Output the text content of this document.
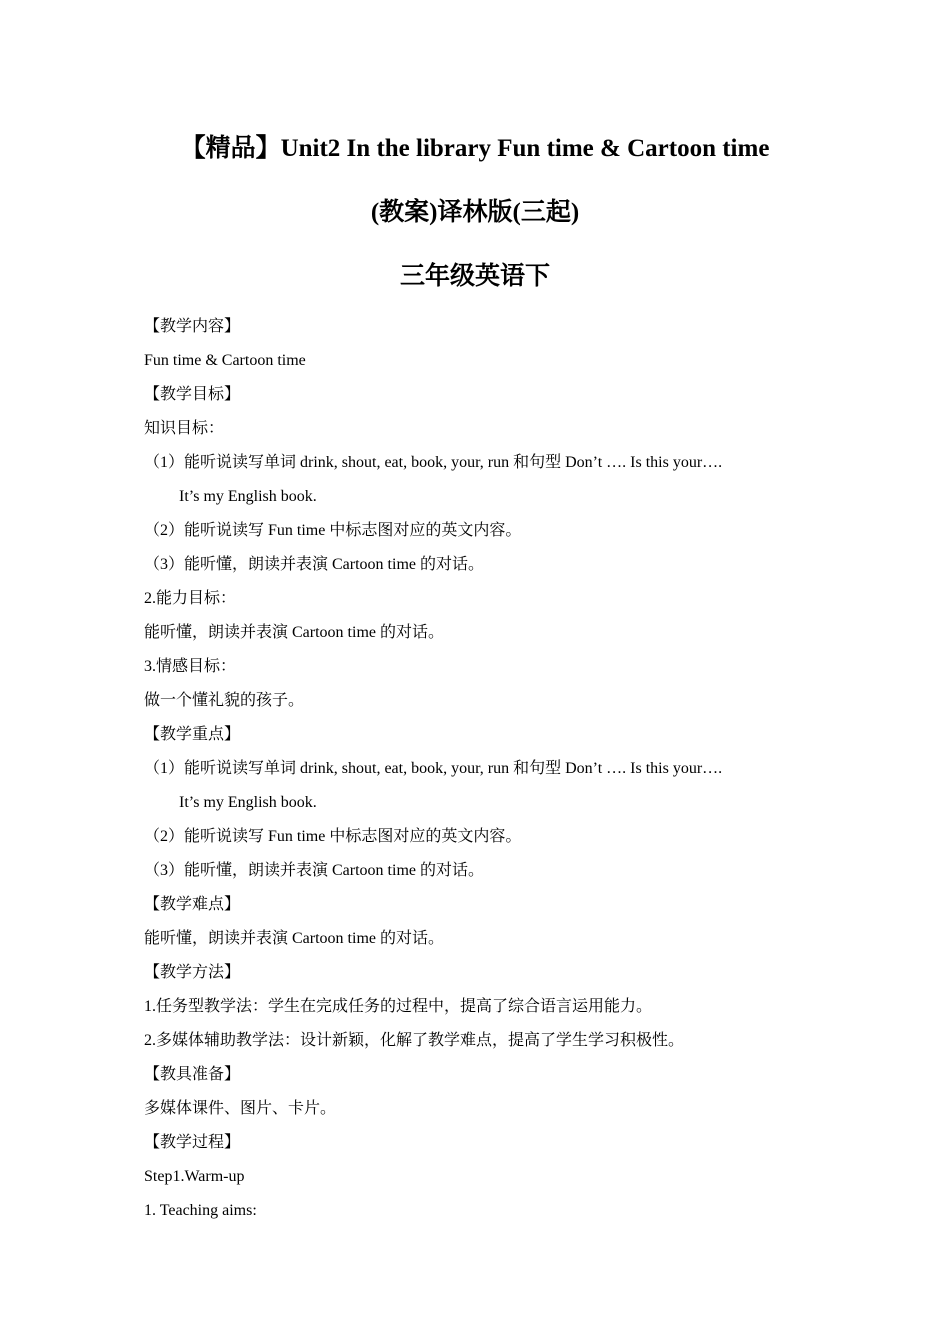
【精品】Unit2 In the library Fun time & Cartoon time
(教案)译林版(三起)
三年级英语下
【教学内容】
Fun time & Cartoon time
【教学目标】
知识目标：
（1）能听说读写单词 drink, shout, eat, book, your, run 和句型 Don’t …. Is this your….
It’s my English book.
（2）能听说读写 Fun time 中标志图对应的英文内容。
（3）能听懂，朗读并表演 Cartoon time 的对话。
2.能力目标：
能听懂，朗读并表演 Cartoon time 的对话。
3.情感目标：
做一个懂礼貌的孩子。
【教学重点】
（1）能听说读写单词 drink, shout, eat, book, your, run 和句型 Don’t …. Is this your….
It’s my English book.
（2）能听说读写 Fun time 中标志图对应的英文内容。
（3）能听懂，朗读并表演 Cartoon time 的对话。
【教学难点】
能听懂，朗读并表演 Cartoon time 的对话。
【教学方法】
1.任务型教学法：学生在完成任务的过程中，提高了综合语言运用能力。
2.多媒体辅助教学法：设计新颖，化解了教学难点，提高了学生学习积极性。
【教具准备】
多媒体课件、图片、卡片。
【教学过程】
Step1.Warm-up
1. Teaching aims:
